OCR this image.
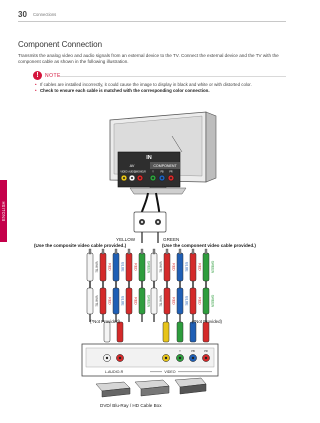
30 Connections
ENGLISH
Component Connection
Transmits the analog video and audio signals from an external device to the TV. Connect the external device and the TV with the component cable as shown in the following illustration.
!	NOTE
• If cables are installed incorrectly, it could cause the image to display in black and white or with distorted color.
• Check to ensure each cable is matched with the corresponding color connection.
IN
AV	COMPONENT
VIDEO AUDIO
L(MONO) R	Y	PB	PR
WHITE
WHITE
RED
RED
BLUE
BLUE
RED
RED
GREEN
GREEN
WHITE
WHITE
RED
RED
BLUE
BLUE
RED
RED
GREEN
GREEN
Y	PB	PR
L-AUDIO-R	VIDEO
YELLOW	GREEN
(Use the composite video cable provided.)	(Use the component video cable provided.)
(*Not Provided)	(*Not Provided)
DVD/ Blu-Ray / HD Cable Box
